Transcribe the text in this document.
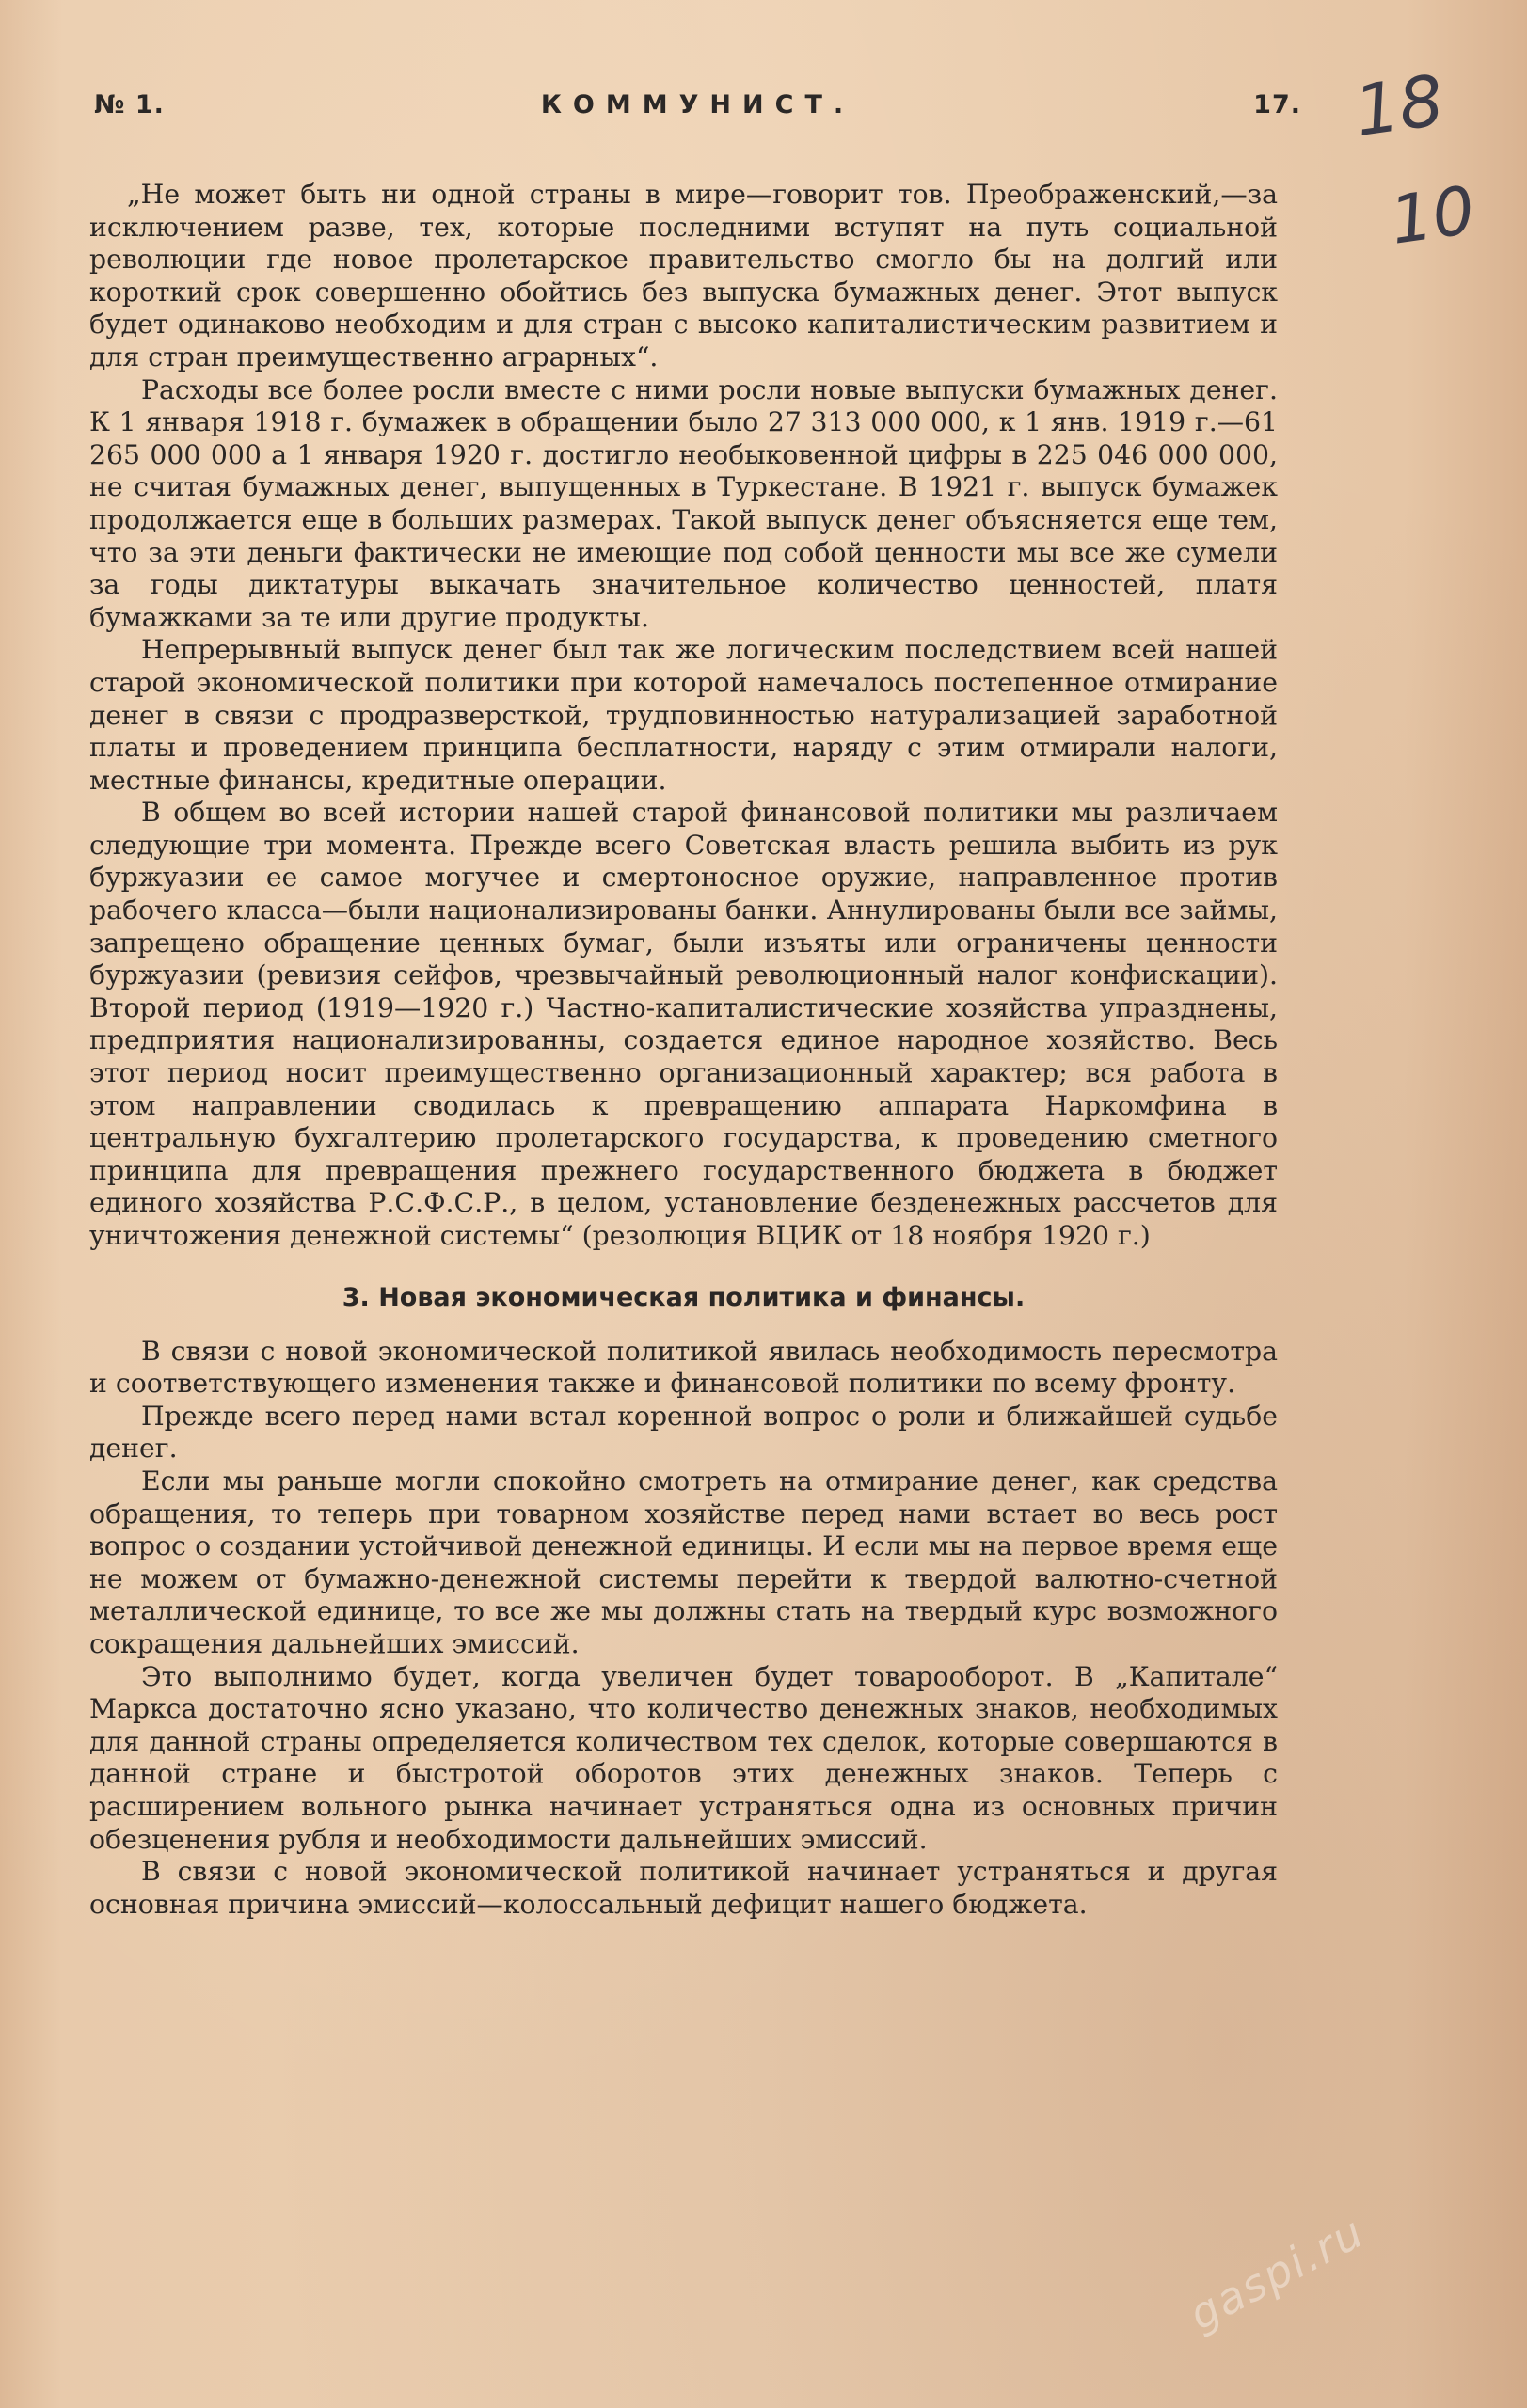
№ 1.	КОММУНИСТ.	17. 18
10

„Не может быть ни одной страны в мире—говорит тов. Преображенский,—за исключением разве, тех, которые последними вступят на путь социальной революции где новое пролетарское правительство смогло бы на долгий или короткий срок совершенно обойтись без выпуска бумажных денег. Этот выпуск будет одинаково необходим и для стран с высоко капиталистическим развитием и для стран преимущественно аграрных“.

Расходы все более росли вместе с ними росли новые выпуски бумажных денег. К 1 января 1918 г. бумажек в обращении было 27 313 000 000, к 1 янв. 1919 г.—61 265 000 000 а 1 января 1920 г. достигло необыковенной цифры в 225 046 000 000, не считая бумажных денег, выпущенных в Туркестане. В 1921 г. выпуск бумажек продолжается еще в больших размерах. Такой выпуск денег объясняется еще тем, что за эти деньги фактически не имеющие под собой ценности мы все же сумели за годы диктатуры выкачать значительное количество ценностей, платя бумажками за те или другие продукты.

Непрерывный выпуск денег был так же логическим последствием всей нашей старой экономической политики при которой намечалось постепенное отмирание денег в связи с продразверсткой, трудповинностью натурализацией заработной платы и проведением принципа бесплатности, наряду с этим отмирали налоги, местные финансы, кредитные операции.

В общем во всей истории нашей старой финансовой политики мы различаем следующие три момента. Прежде всего Советская власть решила выбить из рук буржуазии ее самое могучее и смертоносное оружие, направленное против рабочего класса—были национализированы банки. Аннулированы были все займы, запрещено обращение ценных бумаг, были изъяты или ограничены ценности буржуазии (ревизия сейфов, чрезвычайный революционный налог конфискации). Второй период (1919—1920 г.) Частно-капиталистические хозяйства упразднены, предприятия национализированны, создается единое народное хозяйство. Весь этот период носит преимущественно организационный характер; вся работа в этом направлении сводилась к превращению аппарата Наркомфина в центральную бухгалтерию пролетарского государства, к проведению сметного принципа для превращения прежнего государственного бюджета в бюджет единого хозяйства Р.С.Ф.С.Р., в целом, установление безденежных рассчетов для уничтожения денежной системы“ (резолюция ВЦИК от 18 ноября 1920 г.)

3. Новая экономическая политика и финансы.

В связи с новой экономической политикой явилась необходимость пересмотра и соответствующего изменения также и финансовой политики по всему фронту.

Прежде всего перед нами встал коренной вопрос о роли и ближайшей судьбе денег.

Если мы раньше могли спокойно смотреть на отмирание денег, как средства обращения, то теперь при товарном хозяйстве перед нами встает во весь рост вопрос о создании устойчивой денежной единицы. И если мы на первое время еще не можем от бумажно-денежной системы перейти к твердой валютно-счетной металлической единице, то все же мы должны стать на твердый курс возможного сокращения дальнейших эмиссий.

Это выполнимо будет, когда увеличен будет товарооборот. В „Капитале“ Маркса достаточно ясно указано, что количество денежных знаков, необходимых для данной страны определяется количеством тех сделок, которые совершаются в данной стране и быстротой оборотов этих денежных знаков. Теперь с расширением вольного рынка начинает устраняться одна из основных причин обезценения рубля и необходимости дальнейших эмиссий.

В связи с новой экономической политикой начинает устраняться и другая основная причина эмиссий—колоссальный дефицит нашего бюджета.

gaspi.ru
